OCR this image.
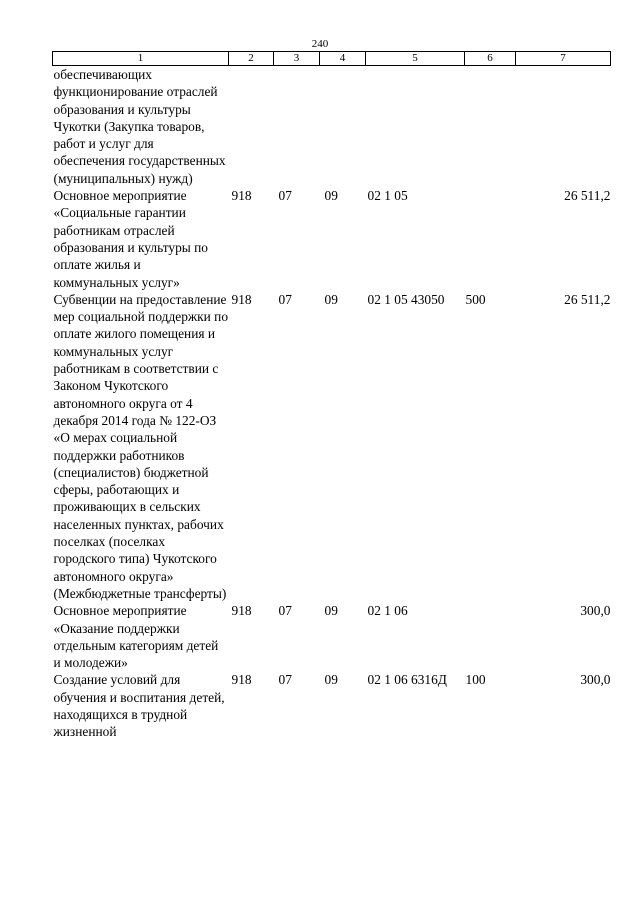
240
1	2	3	4	5	6	7
обеспечивающих функционирование отраслей образования и культуры Чукотки (Закупка товаров, работ и услуг для обеспечения государственных (муниципальных) нужд)						
Основное мероприятие «Социальные гарантии работникам отраслей образования и культуры по оплате жилья и коммунальных услуг»	918	07	09	02 1 05		26 511,2
Субвенции на предоставление мер социальной поддержки по оплате жилого помещения и коммунальных услуг работникам в соответствии с Законом Чукотского автономного округа от 4 декабря 2014 года № 122-ОЗ «О мерах социальной поддержки работников (специалистов) бюджетной сферы, работающих и проживающих в сельских населенных пунктах, рабочих поселках (поселках городского типа) Чукотского автономного округа» (Межбюджетные трансферты)	918	07	09	02 1 05 43050	500	26 511,2
Основное мероприятие «Оказание поддержки отдельным категориям детей и молодежи»	918	07	09	02 1 06		300,0
Создание условий для обучения и воспитания детей, находящихся в трудной жизненной	918	07	09	02 1 06 6316Д	100	300,0
